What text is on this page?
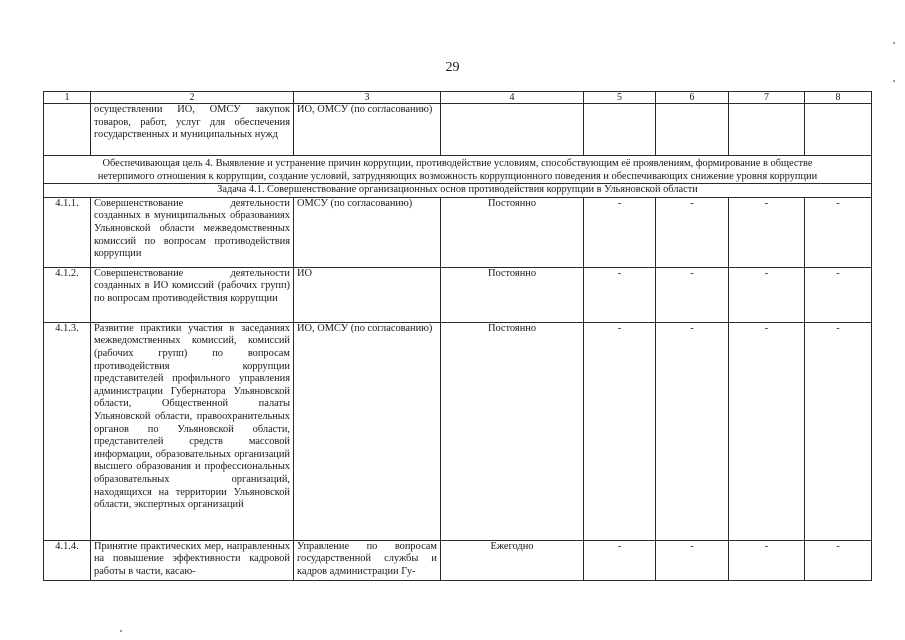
29
1	2	3	4	5	6	7	8
	осуществлении ИО, ОМСУ закупок товаров, работ, услуг для обеспечения государственных и муниципальных нужд	ИО, ОМСУ (по согласованию)					
Обеспечивающая цель 4. Выявление и устранение причин коррупции, противодействие условиям, способствующим её проявлениям, формирование в обществе нетерпимого отношения к коррупции, создание условий, затрудняющих возможность коррупционного поведения и обеспечивающих снижение уровня коррупции							
Задача 4.1. Совершенствование организационных основ противодействия коррупции в Ульяновской области							
4.1.1.	Совершенствование деятельности созданных в муниципальных образованиях Ульяновской области межведомственных комиссий по вопросам противодействия коррупции	ОМСУ (по согласованию)	Постоянно	-	-	-	-
4.1.2.	Совершенствование деятельности созданных в ИО комиссий (рабочих групп) по вопросам противодействия коррупции	ИО	Постоянно	-	-	-	-
4.1.3.	Развитие практики участия в заседаниях межведомственных комиссий, комиссий (рабочих групп) по вопросам противодействия коррупции представителей профильного управления администрации Губернатора Ульяновской области, Общественной палаты Ульяновской области, правоохранительных органов по Ульяновской области, представителей средств массовой информации, образовательных организаций высшего образования и профессиональных образовательных организаций, находящихся на территории Ульяновской области, экспертных организаций	ИО, ОМСУ (по согласованию)	Постоянно	-	-	-	-
4.1.4.	Принятие практических мер, направленных на повышение эффективности кадровой работы в части, касаю-	Управление по вопросам государственной службы и кадров администрации Гу-	Ежегодно	-	-	-	-
